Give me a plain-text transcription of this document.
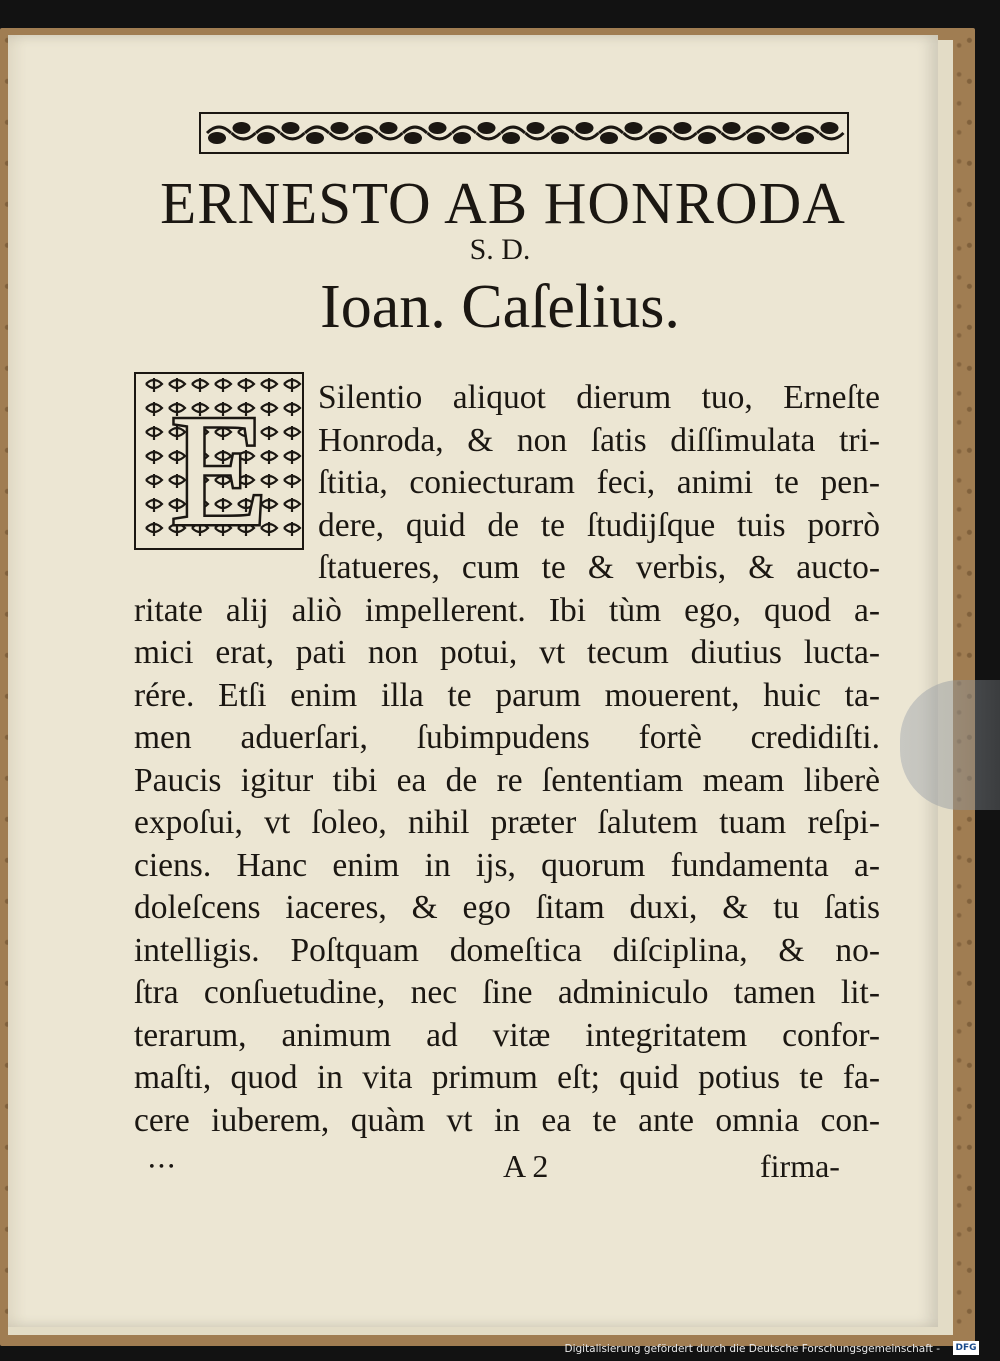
ERNESTO AB HONRODA
S. D.
Ioan. Caſelius.
E Silentio aliquot dierum tuo, Erneſte
Honroda, & non ſatis diſſimulata tri-
ſtitia, coniecturam feci, animi te pen-
dere, quid de te ſtudijſque tuis porrò
ſtatueres, cum te & verbis, & aucto-
ritate alij aliò impellerent. Ibi tùm ego, quod a-
mici erat, pati non potui, vt tecum diutius lucta-
rére. Etſi enim illa te parum mouerent, huic ta-
men aduerſari, ſubimpudens fortè credidiſti.
Paucis igitur tibi ea de re ſententiam meam liberè
expoſui, vt ſoleo, nihil præter ſalutem tuam reſpi-
ciens. Hanc enim in ijs, quorum fundamenta a-
doleſcens iaceres, & ego ſitam duxi, & tu ſatis
intelligis. Poſtquam domeſtica diſciplina, & no-
ſtra conſuetudine, nec ſine adminiculo tamen lit-
terarum, animum ad vitæ integritatem confor-
maſti, quod in vita primum eſt; quid potius te fa-
cere iuberem, quàm vt in ea te ante omnia con-
•••	A 2	firma-
Digitalisierung gefördert durch die Deutsche Forschungsgemeinschaft - DFG
